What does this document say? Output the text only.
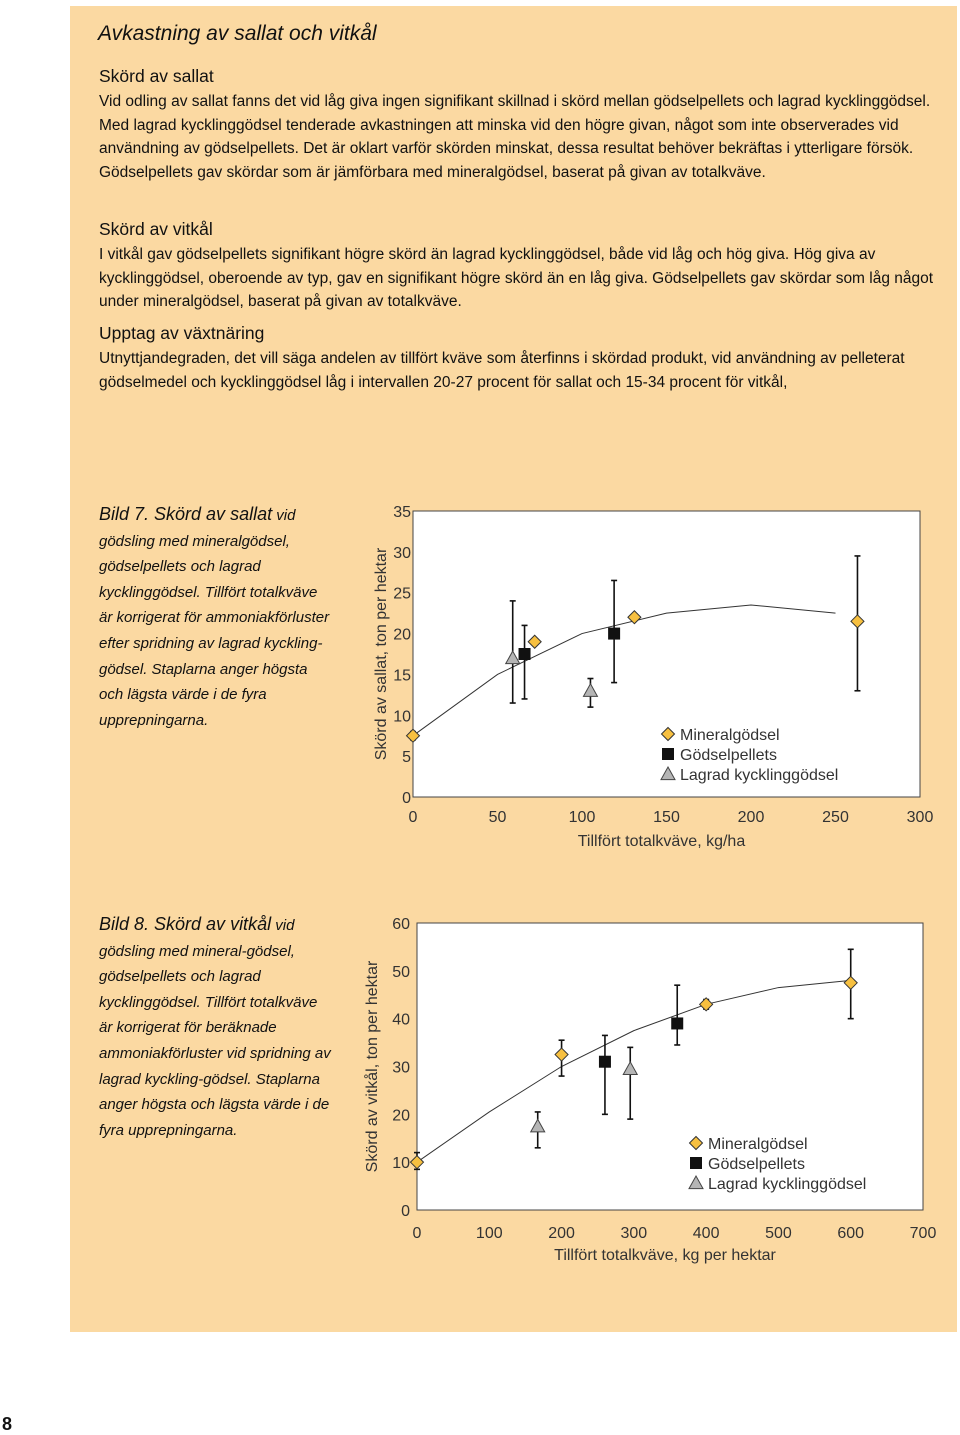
Avkastning av sallat och vitkål
Skörd av sallat

Vid odling av sallat fanns det vid låg giva ingen signifikant skillnad i skörd mellan gödselpellets och lagrad kycklinggödsel. Med lagrad kycklinggödsel tenderade avkastningen att minska vid den högre givan, något som inte observerades vid användning av gödselpellets. Det är oklart varför skörden minskat, dessa resultat behöver bekräftas i ytterligare försök. Gödselpellets gav skördar som är jämförbara med mineralgödsel, baserat på givan av totalkväve.

Skörd av vitkål

I vitkål gav gödselpellets signifikant högre skörd än lagrad kycklinggödsel, både vid låg och hög giva. Hög giva av kycklinggödsel, oberoende av typ, gav en signifikant högre skörd än en låg giva. Gödselpellets gav skördar som låg något under mineralgödsel, baserat på givan av totalkväve.

Upptag av växtnäring

Utnyttjandegraden, det vill säga andelen av tillfört kväve som återfinns i skördad produkt, vid användning av pelleterat gödselmedel och kycklinggödsel låg i intervallen 20-27 procent för sallat och 15-34 procent för vitkål,

Bild 7. Skörd av sallat vid gödsling med mineralgödsel, gödselpellets och lagrad kycklinggödsel. Tillfört totalkväve är korrigerat för ammoniakförluster efter spridning av lagrad kyckling-gödsel. Staplarna anger högsta och lägsta värde i de fyra upprepningarna.

Bild 8. Skörd av vitkål vid gödsling med mineral-gödsel, gödselpellets och lagrad kycklinggödsel. Tillfört totalkväve är korrigerat för beräknade ammoniakförluster vid spridning av lagrad kyckling-gödsel. Staplarna anger högsta och lägsta värde i de fyra upprepningarna.

0	50	100	150	200	250	300
0
5
10
15
20
25
30
35
Tillfört totalkväve, kg/ha
Skörd av sallat, ton per hektar	Mineralgödsel
Gödselpellets
Lagrad kycklinggödsel
0	100	200	300	400	500	600	700
0
10
20
30
40
50
60
Tillfört totalkväve, kg per hektar
Skörd av vitkål, ton per hektar	Mineralgödsel
Gödselpellets
Lagrad kycklinggödsel

8
